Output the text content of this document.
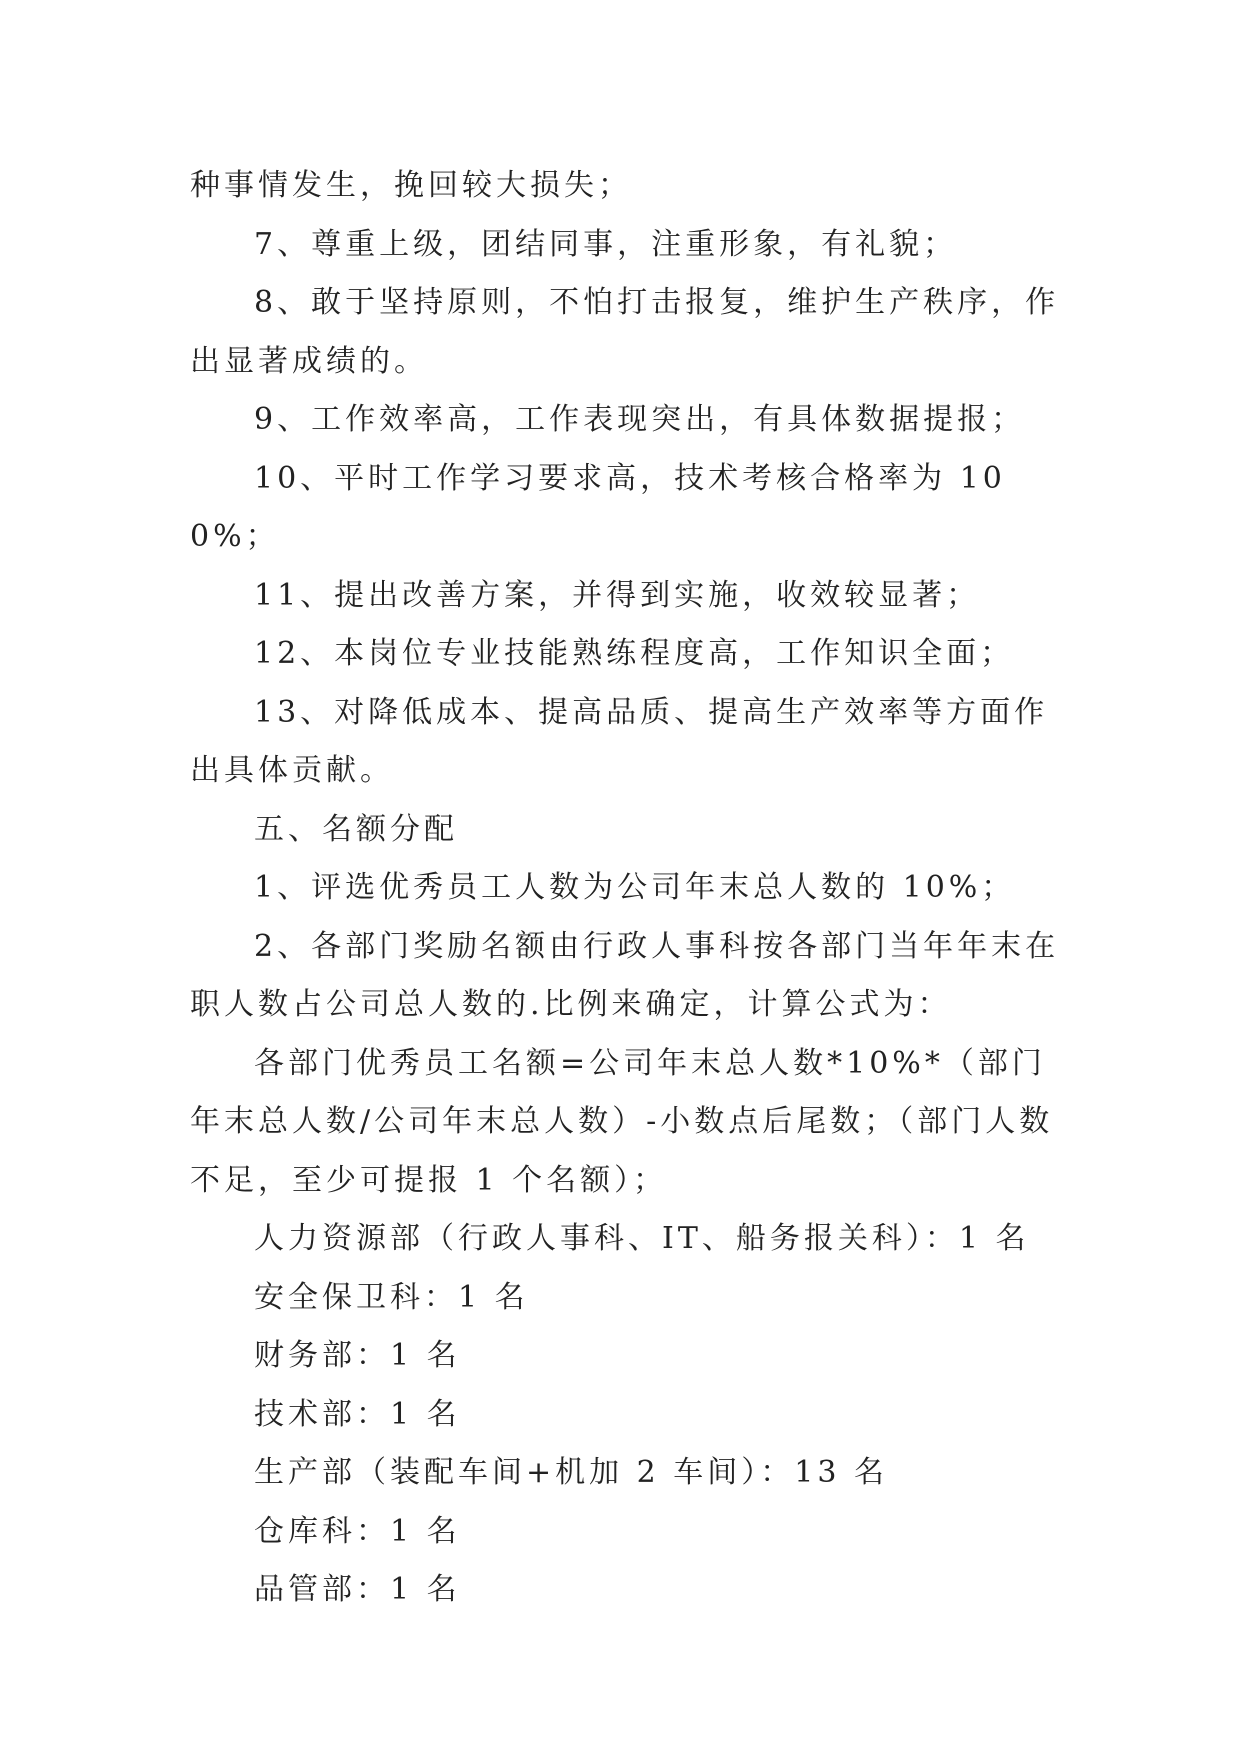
种事情发生，挽回较大损失；

7、尊重上级，团结同事，注重形象，有礼貌；

8、敢于坚持原则，不怕打击报复，维护生产秩序，作出显著成绩的。

9、工作效率高，工作表现突出，有具体数据提报；

10、平时工作学习要求高，技术考核合格率为 100%；

11、提出改善方案，并得到实施，收效较显著；

12、本岗位专业技能熟练程度高，工作知识全面；

13、对降低成本、提高品质、提高生产效率等方面作出具体贡献。

五、名额分配

1、评选优秀员工人数为公司年末总人数的 10%；

2、各部门奖励名额由行政人事科按各部门当年年末在职人数占公司总人数的.比例来确定，计算公式为：

各部门优秀员工名额=公司年末总人数*10%*（部门年末总人数/公司年末总人数）-小数点后尾数；（部门人数不足，至少可提报 1 个名额）；

人力资源部（行政人事科、IT、船务报关科）：1 名

安全保卫科：1 名

财务部：1 名

技术部：1 名

生产部（装配车间+机加 2 车间）：13 名

仓库科：1 名

品管部：1 名
